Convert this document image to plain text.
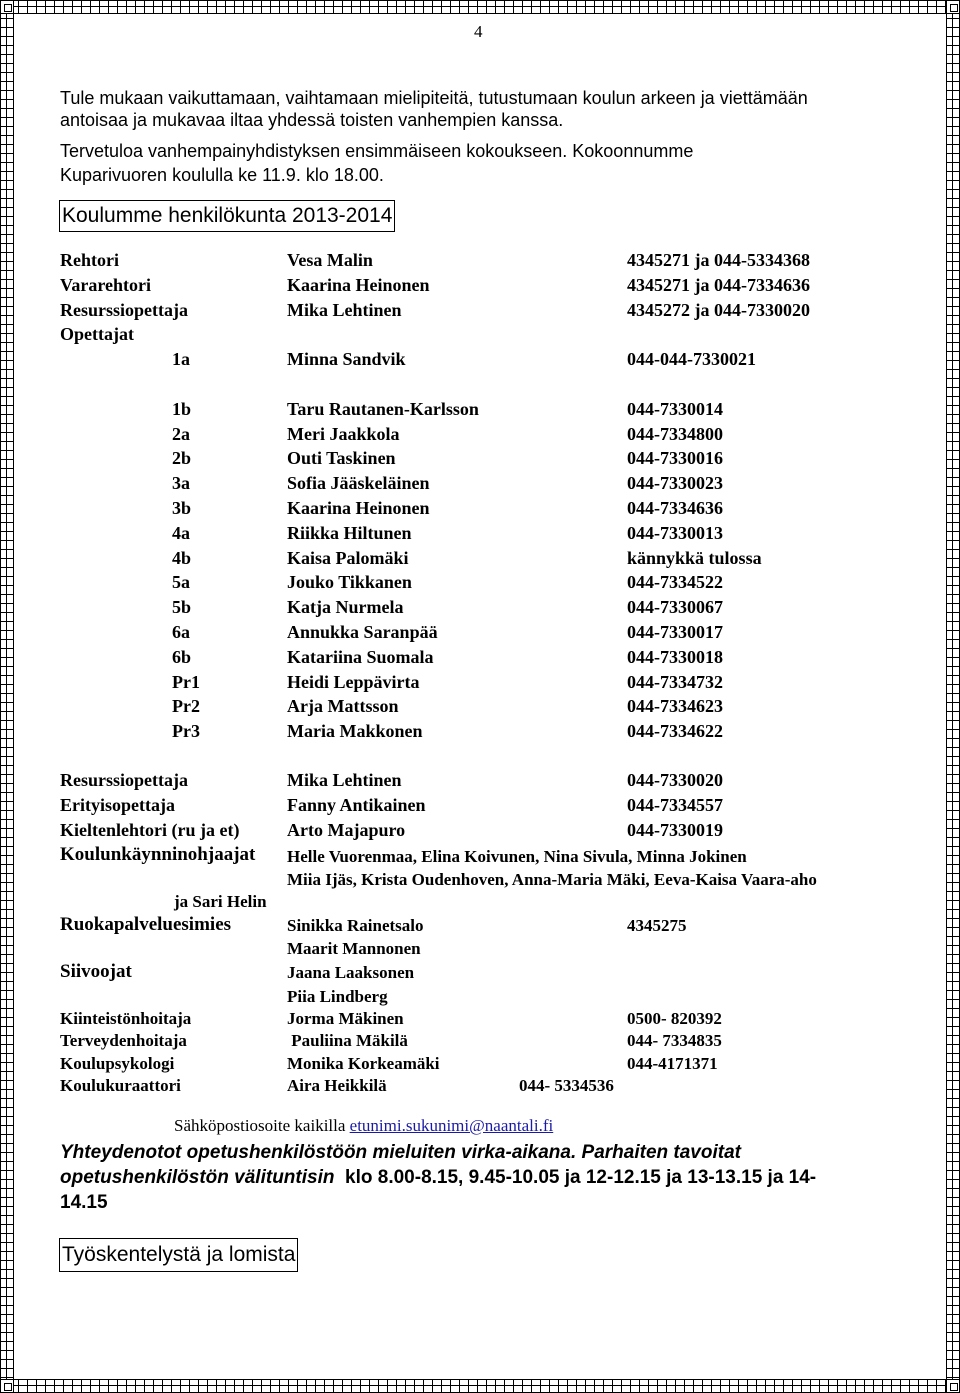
4
Tule mukaan vaikuttamaan, vaihtamaan mielipiteitä, tutustumaan koulun arkeen ja viettämään
antoisaa ja mukavaa iltaa yhdessä toisten vanhempien kanssa.
Tervetuloa vanhempainyhdistyksen ensimmäiseen kokoukseen. Kokoonnumme
Kuparivuoren koululla ke 11.9. klo 18.00.
Koulumme henkilökunta 2013-2014
Rehtori	Vesa Malin	4345271 ja 044-5334368
Vararehtori	Kaarina Heinonen	4345271 ja 044-7334636
Resurssiopettaja	Mika Lehtinen	4345272 ja 044-7330020
Opettajat
1a	Minna Sandvik	044-044-7330021
1b	Taru Rautanen-Karlsson	044-7330014
2a	Meri Jaakkola	044-7334800
2b	Outi Taskinen	044-7330016
3a	Sofia Jääskeläinen	044-7330023
3b	Kaarina Heinonen	044-7334636
4a	Riikka Hiltunen	044-7330013
4b	Kaisa Palomäki	kännykkä tulossa
5a	Jouko Tikkanen	044-7334522
5b	Katja Nurmela	044-7330067
6a	Annukka Saranpää	044-7330017
6b	Katariina Suomala	044-7330018
Pr1	Heidi Leppävirta	044-7334732
Pr2	Arja Mattsson	044-7334623
Pr3	Maria Makkonen	044-7334622
Resurssiopettaja	Mika Lehtinen	044-7330020
Erityisopettaja	Fanny Antikainen	044-7334557
Kieltenlehtori (ru ja et)	Arto Majapuro	044-7330019
Koulunkäynninohjaajat Helle Vuorenmaa, Elina Koivunen, Nina Sivula, Minna Jokinen
Miia Ijäs, Krista Oudenhoven, Anna-Maria Mäki, Eeva-Kaisa Vaara-aho
ja Sari Helin
Ruokapalveluesimies	Sinikka Rainetsalo	4345275
Maarit Mannonen
Siivoojat	Jaana Laaksonen
Piia Lindberg
Kiinteistönhoitaja	Jorma Mäkinen	0500- 820392
Terveydenhoitaja	Pauliina Mäkilä	044- 7334835
Koulupsykologi	Monika Korkeamäki	044-4171371
Koulukuraattori	Aira Heikkilä	044- 5334536
Sähköpostiosoite kaikilla etunimi.sukunimi@naantali.fi
Yhteydenotot opetushenkilöstöön mieluiten virka-aikana. Parhaiten tavoitat
opetushenkilöstön välituntisin  klo 8.00-8.15, 9.45-10.05 ja 12-12.15 ja 13-13.15 ja 14-
14.15
Työskentelystä ja lomista
